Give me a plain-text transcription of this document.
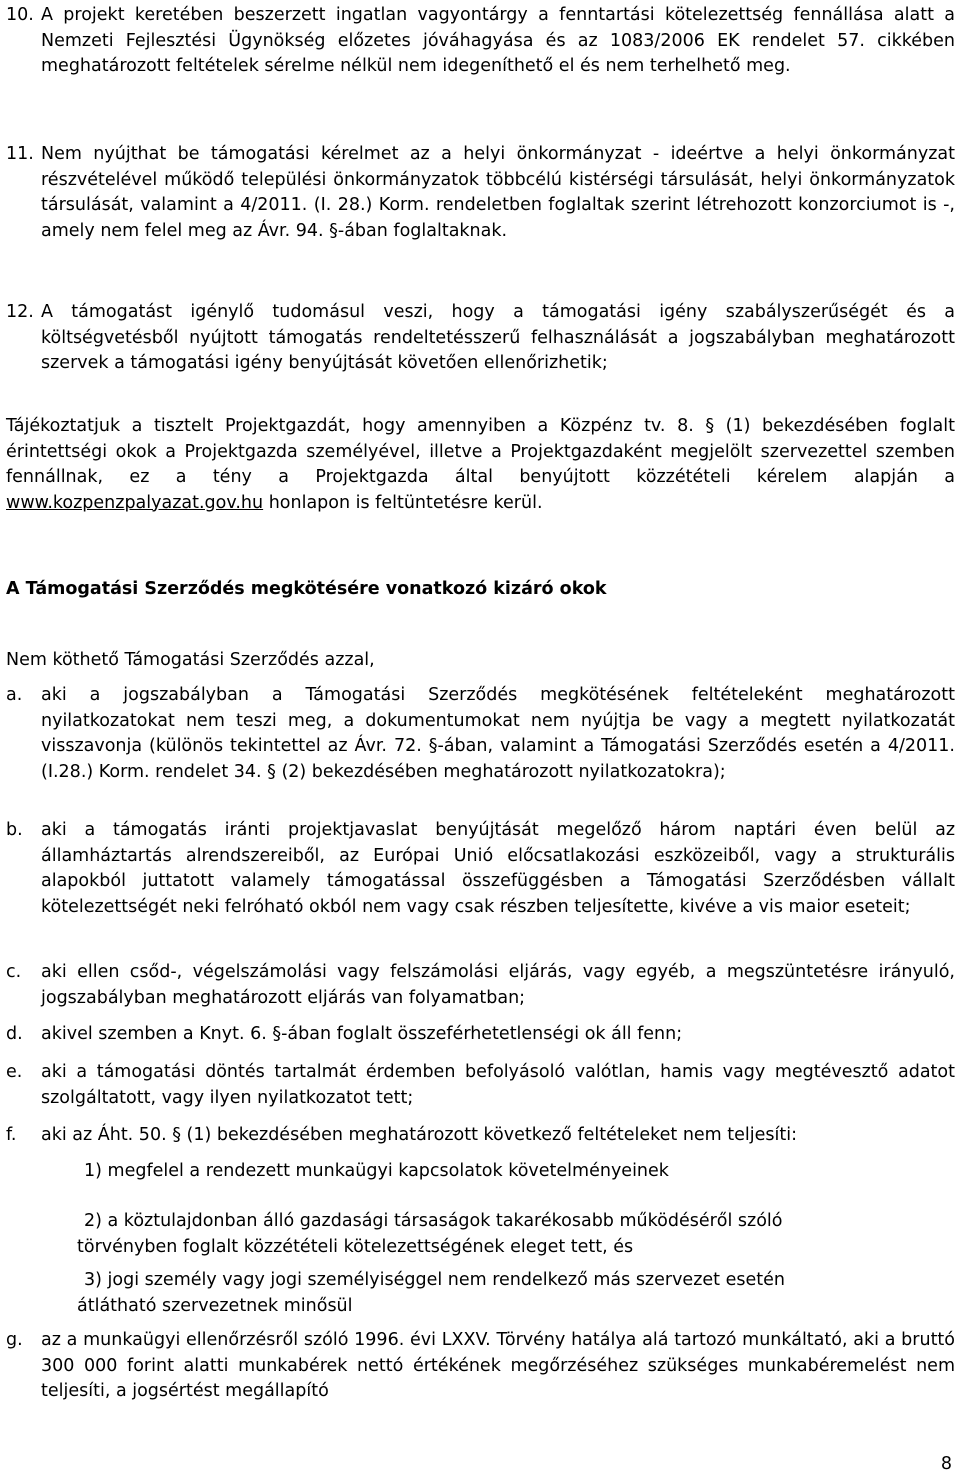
10. A projekt keretében beszerzett ingatlan vagyontárgy a fenntartási kötelezettség fennállása alatt a Nemzeti Fejlesztési Ügynökség előzetes jóváhagyása és az 1083/2006 EK rendelet 57. cikkében meghatározott feltételek sérelme nélkül nem idegeníthető el és nem terhelhető meg.
11. Nem nyújthat be támogatási kérelmet az a helyi önkormányzat - ideértve a helyi önkormányzat részvételével működő települési önkormányzatok többcélú kistérségi társulását, helyi önkormányzatok társulását, valamint a 4/2011. (I. 28.) Korm. rendeletben foglaltak szerint létrehozott konzorciumot is -, amely nem felel meg az Ávr. 94. §-ában foglaltaknak.
12. A támogatást igénylő tudomásul veszi, hogy a támogatási igény szabályszerűségét és a költségvetésből nyújtott támogatás rendeltetésszerű felhasználását a jogszabályban meghatározott szervek a támogatási igény benyújtását követően ellenőrizhetik;
Tájékoztatjuk a tisztelt Projektgazdát, hogy amennyiben a Közpénz tv. 8. § (1) bekezdésében foglalt érintettségi okok a Projektgazda személyével, illetve a Projektgazdaként megjelölt szervezettel szemben fennállnak, ez a tény a Projektgazda által benyújtott közzétételi kérelem alapján a www.kozpenzpalyazat.gov.hu honlapon is feltüntetésre kerül.
A Támogatási Szerződés megkötésére vonatkozó kizáró okok
Nem köthető Támogatási Szerződés azzal,
a. aki a jogszabályban a Támogatási Szerződés megkötésének feltételeként meghatározott nyilatkozatokat nem teszi meg, a dokumentumokat nem nyújtja be vagy a megtett nyilatkozatát visszavonja (különös tekintettel az Ávr. 72. §-ában, valamint a Támogatási Szerződés esetén a 4/2011. (I.28.) Korm. rendelet 34. § (2) bekezdésében meghatározott nyilatkozatokra);
b. aki a támogatás iránti projektjavaslat benyújtását megelőző három naptári éven belül az államháztartás alrendszereiből, az Európai Unió előcsatlakozási eszközeiből, vagy a strukturális alapokból juttatott valamely támogatással összefüggésben a Támogatási Szerződésben vállalt kötelezettségét neki felróható okból nem vagy csak részben teljesítette, kivéve a vis maior eseteit;
c. aki ellen csőd-, végelszámolási vagy felszámolási eljárás, vagy egyéb, a megszüntetésre irányuló, jogszabályban meghatározott eljárás van folyamatban;
d. akivel szemben a Knyt. 6. §-ában foglalt összeférhetetlenségi ok áll fenn;
e. aki a támogatási döntés tartalmát érdemben befolyásoló valótlan, hamis vagy megtévesztő adatot szolgáltatott, vagy ilyen nyilatkozatot tett;
f. aki az Áht. 50. § (1) bekezdésében meghatározott következő feltételeket nem teljesíti:
1) megfelel a rendezett munkaügyi kapcsolatok követelményeinek
2) a köztulajdonban álló gazdasági társaságok takarékosabb működéséről szóló
törvényben foglalt közzétételi kötelezettségének eleget tett, és
3) jogi személy vagy jogi személyiséggel nem rendelkező más szervezet esetén
átlátható szervezetnek minősül
g. az a munkaügyi ellenőrzésről szóló 1996. évi LXXV. Törvény hatálya alá tartozó munkáltató, aki a bruttó 300 000 forint alatti munkabérek nettó értékének megőrzéséhez szükséges munkabéremelést nem teljesíti, a jogsértést megállapító
8
